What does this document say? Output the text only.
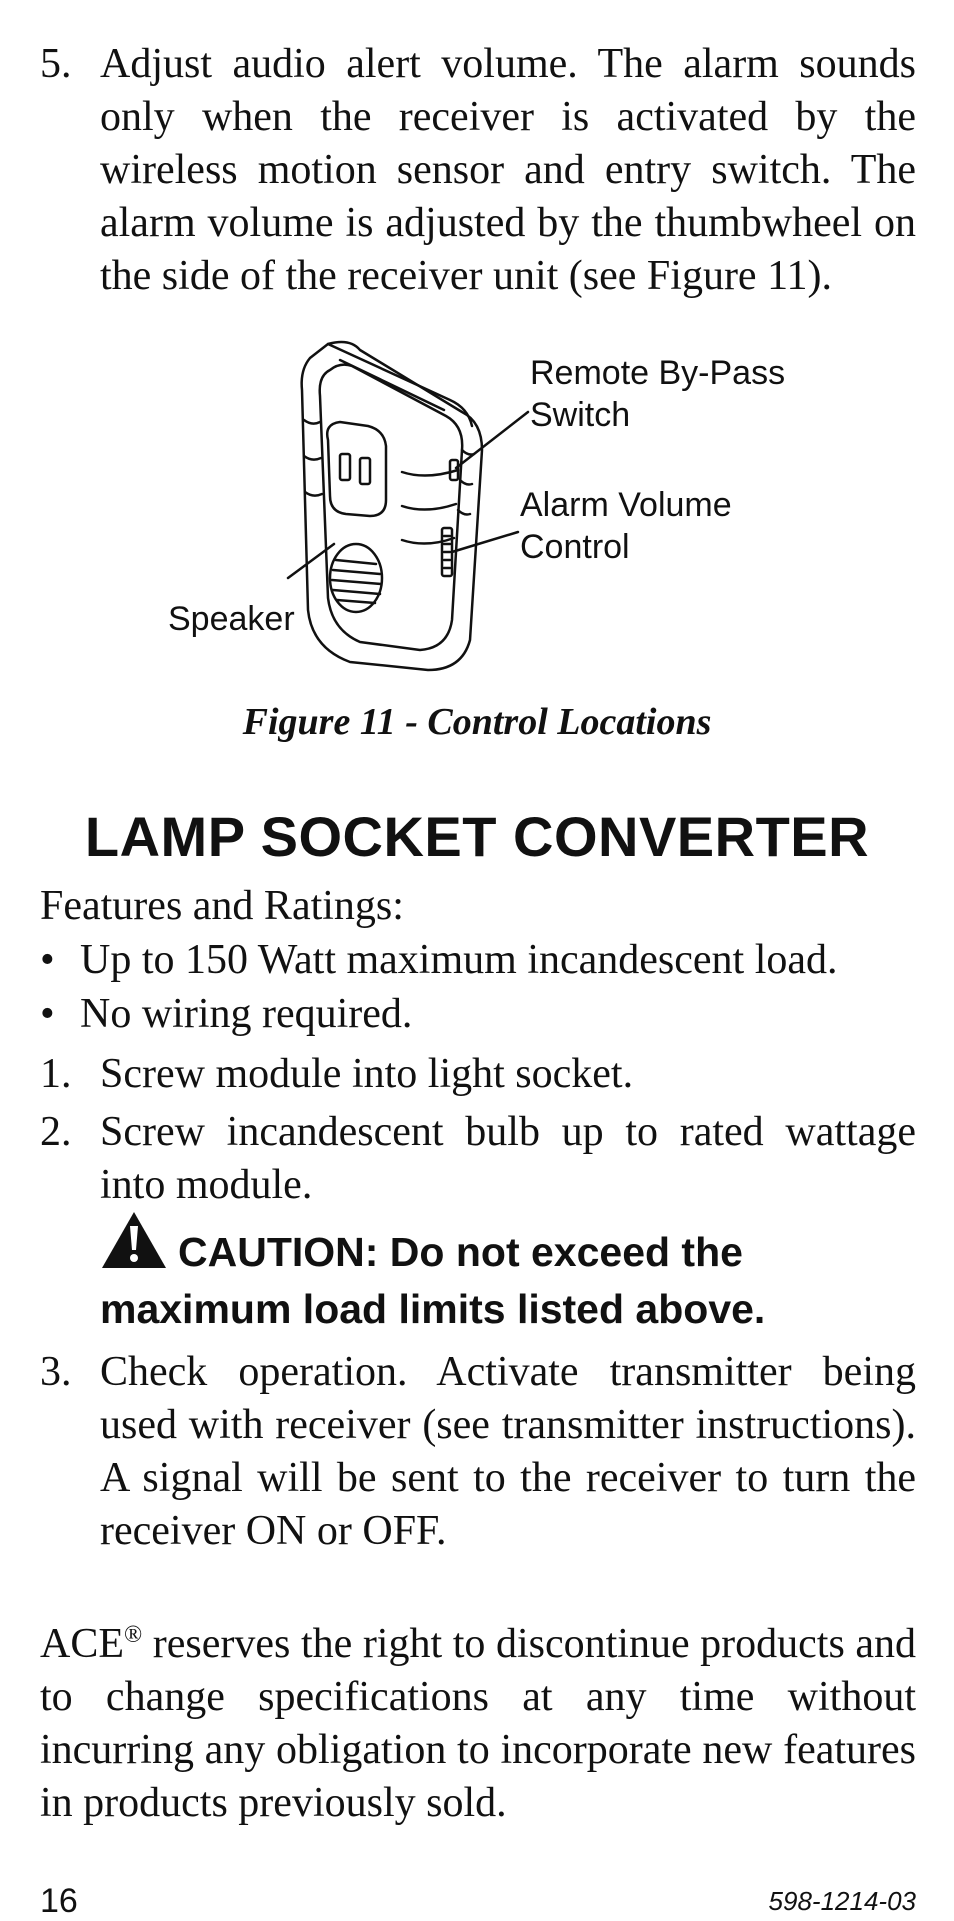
5. Adjust audio alert volume. The alarm sounds only when the receiver is activated by the wireless motion sensor and entry switch. The alarm volume is adjusted by the thumbwheel on the side of the receiver unit (see Figure 11).
Remote By-Pass
Switch
Alarm Volume
Control
Speaker
Figure 11 - Control Locations
LAMP SOCKET CONVERTER
Features and Ratings:
• Up to 150 Watt maximum incandescent load.
• No wiring required.
1. Screw module into light socket.
2. Screw incandescent bulb up to rated wattage into module.
CAUTION: Do not exceed the maximum load limits listed above.
3. Check operation. Activate transmitter being used with receiver (see transmitter instructions). A signal will be sent to the receiver to turn the receiver ON or OFF.
ACE® reserves the right to discontinue products and to change specifications at any time without incurring any obligation to incorporate new features in products previously sold.
16	598-1214-03
